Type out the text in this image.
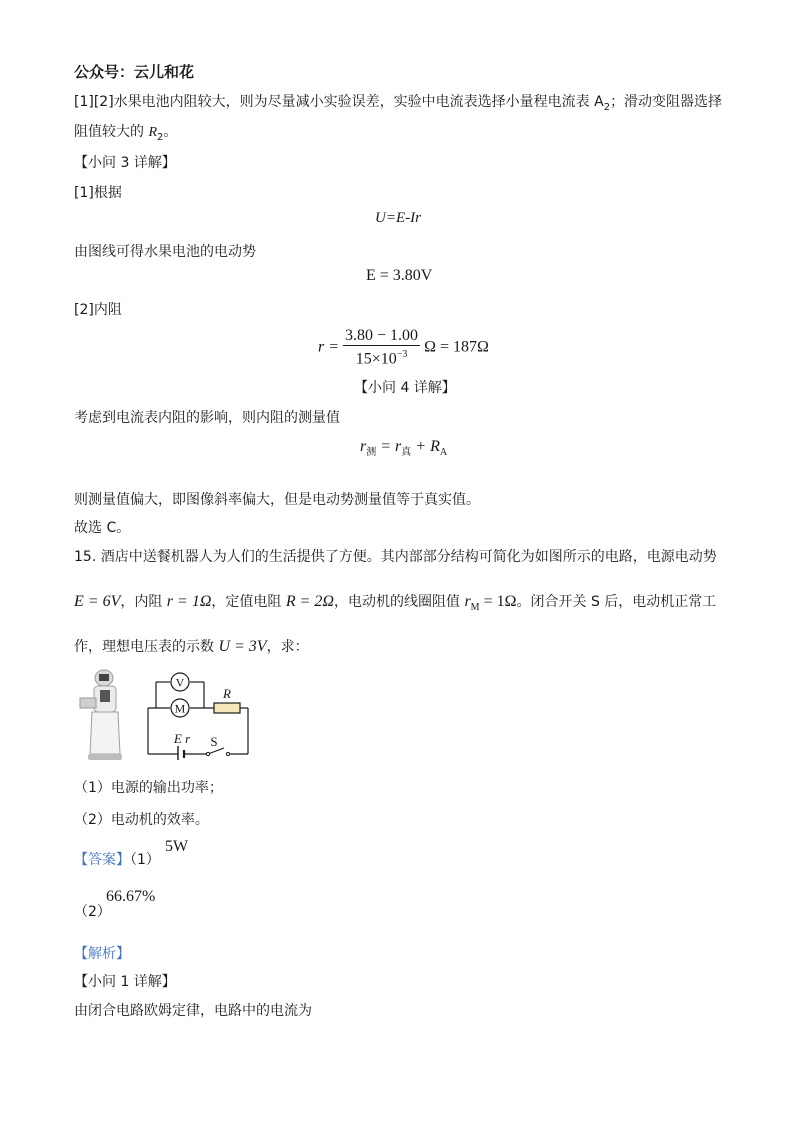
公众号：云儿和花
[1][2]水果电池内阻较大，则为尽量减小实验误差，实验中电流表选择小量程电流表 $A_2$；滑动变阻器选择
阻值较大的 $R_2$。
【小问 3 详解】
[1]根据
U=E-Ir
由图线可得水果电池的电动势
E = 3.80V
[2]内阻
$r = \frac{3.80 - 1.00}{15\times 10^{-3}}$ Ω = 187Ω
【小问 4 详解】
考虑到电流表内阻的影响，则内阻的测量值
$r_测 = r_真 + R_A$
则测量值偏大，即图像斜率偏大，但是电动势测量值等于真实值。
故选 C。
15. 酒店中送餐机器人为人们的生活提供了方便。其内部部分结构可简化为如图所示的电路，电源电动势
E = 6V，内阻 r = 1Ω，定值电阻 R = 2Ω，电动机的线圈阻值 $r_M = 1\Omega$。闭合开关 S 后，电动机正常工
作，理想电压表的示数 U = 3V，求：
V
M
R
E r S
（1）电源的输出功率；
（2）电动机的效率。
【答案】（1）
5W
（2）
66.67%
【解析】
【小问 1 详解】
由闭合电路欧姆定律，电路中的电流为
